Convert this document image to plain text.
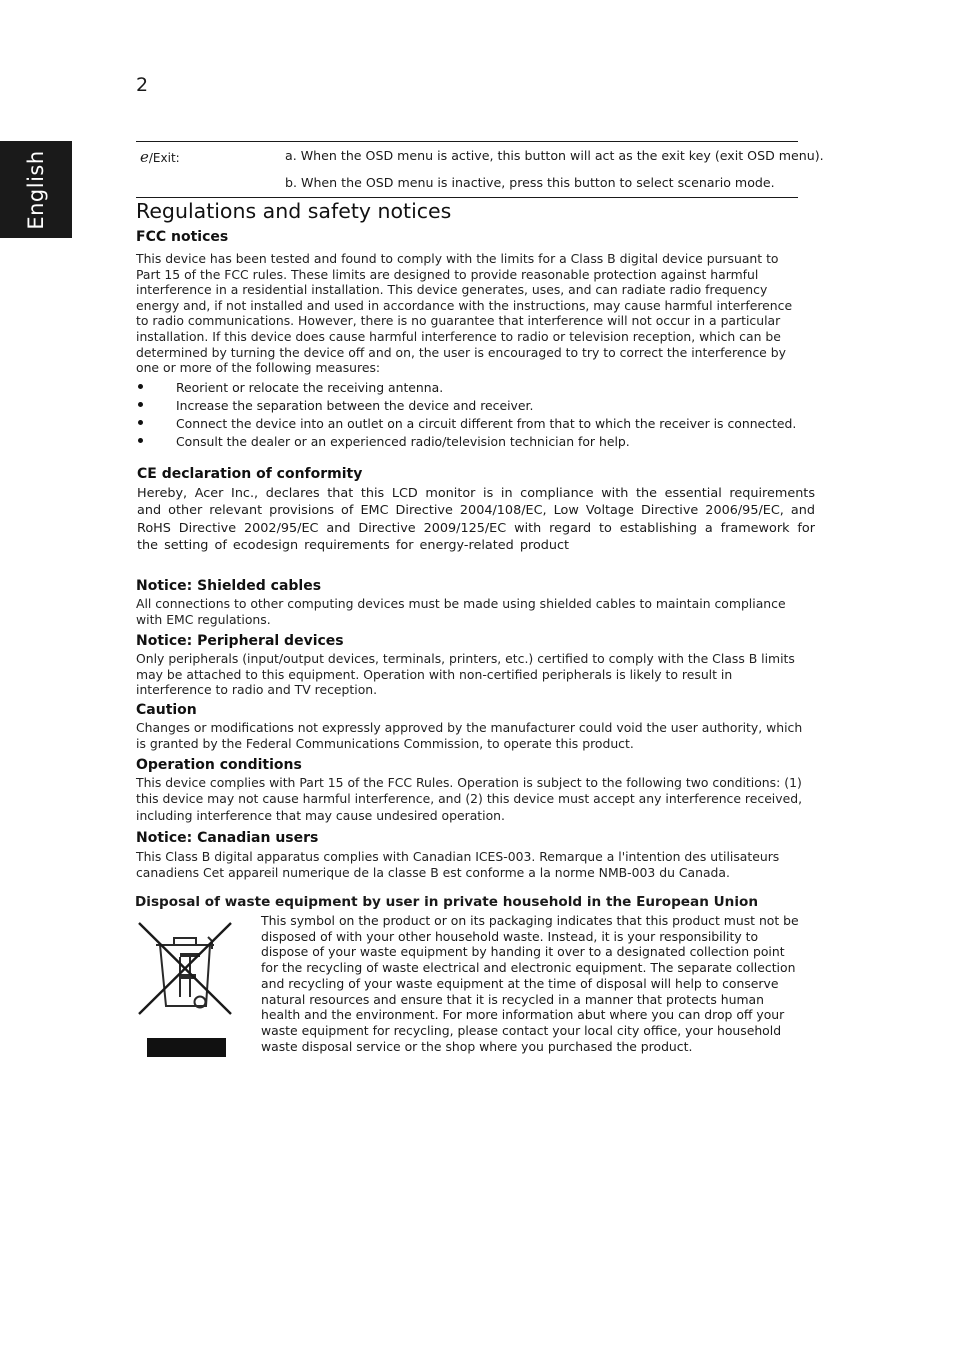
2
English	e/Exit:	a. When the OSD menu is active, this button will act as the exit key (exit OSD menu).
b. When the OSD menu is inactive, press this button to select scenario mode.
Regulations and safety notices
FCC notices

This device has been tested and found to comply with the limits for a Class B digital device pursuant to Part 15 of the FCC rules. These limits are designed to provide reasonable protection against harmful interference in a residential installation. This device generates, uses, and can radiate radio frequency energy and, if not installed and used in accordance with the instructions, may cause harmful interference to radio communications. However, there is no guarantee that interference will not occur in a particular installation. If this device does cause harmful interference to radio or television reception, which can be determined by turning the device off and on, the user is encouraged to try to correct the interference by one or more of the following measures:

Reorient or relocate the receiving antenna.
Increase the separation between the device and receiver.
Connect the device into an outlet on a circuit different from that to which the receiver is connected.
Consult the dealer or an experienced radio/television technician for help.
CE declaration of conformity

Hereby, Acer Inc., declares that this LCD monitor is in compliance with the essential requirements and other relevant provisions of EMC Directive 2004/108/EC, Low Voltage Directive 2006/95/EC, and RoHS Directive 2002/95/EC and Directive 2009/125/EC with regard to establishing a framework for the setting of ecodesign requirements for energy-related product

Notice: Shielded cables

All connections to other computing devices must be made using shielded cables to maintain compliance with EMC regulations.

Notice: Peripheral devices

Only peripherals (input/output devices, terminals, printers, etc.) certified to comply with the Class B limits may be attached to this equipment. Operation with non-certified peripherals is likely to result in interference to radio and TV reception.

Caution

Changes or modifications not expressly approved by the manufacturer could void the user authority, which is granted by the Federal Communications Commission, to operate this product.

Operation conditions

This device complies with Part 15 of the FCC Rules. Operation is subject to the following two conditions: (1) this device may not cause harmful interference, and (2) this device must accept any interference received, including interference that may cause undesired operation.

Notice: Canadian users

This Class B digital apparatus complies with Canadian ICES-003. Remarque a l'intention des utilisateurs canadiens Cet appareil numerique de la classe B est conforme a la norme NMB-003 du Canada.

Disposal of waste equipment by user in private household in the European Union

This symbol on the product or on its packaging indicates that this product must not be disposed of with your other household waste. Instead, it is your responsibility to dispose of your waste equipment by handing it over to a designated collection point for the recycling of waste electrical and electronic equipment. The separate collection and recycling of your waste equipment at the time of disposal will help to conserve natural resources and ensure that it is recycled in a manner that protects human health and the environment. For more information abut where you can drop off your waste equipment for recycling, please contact your local city office, your household waste disposal service or the shop where you purchased the product.
